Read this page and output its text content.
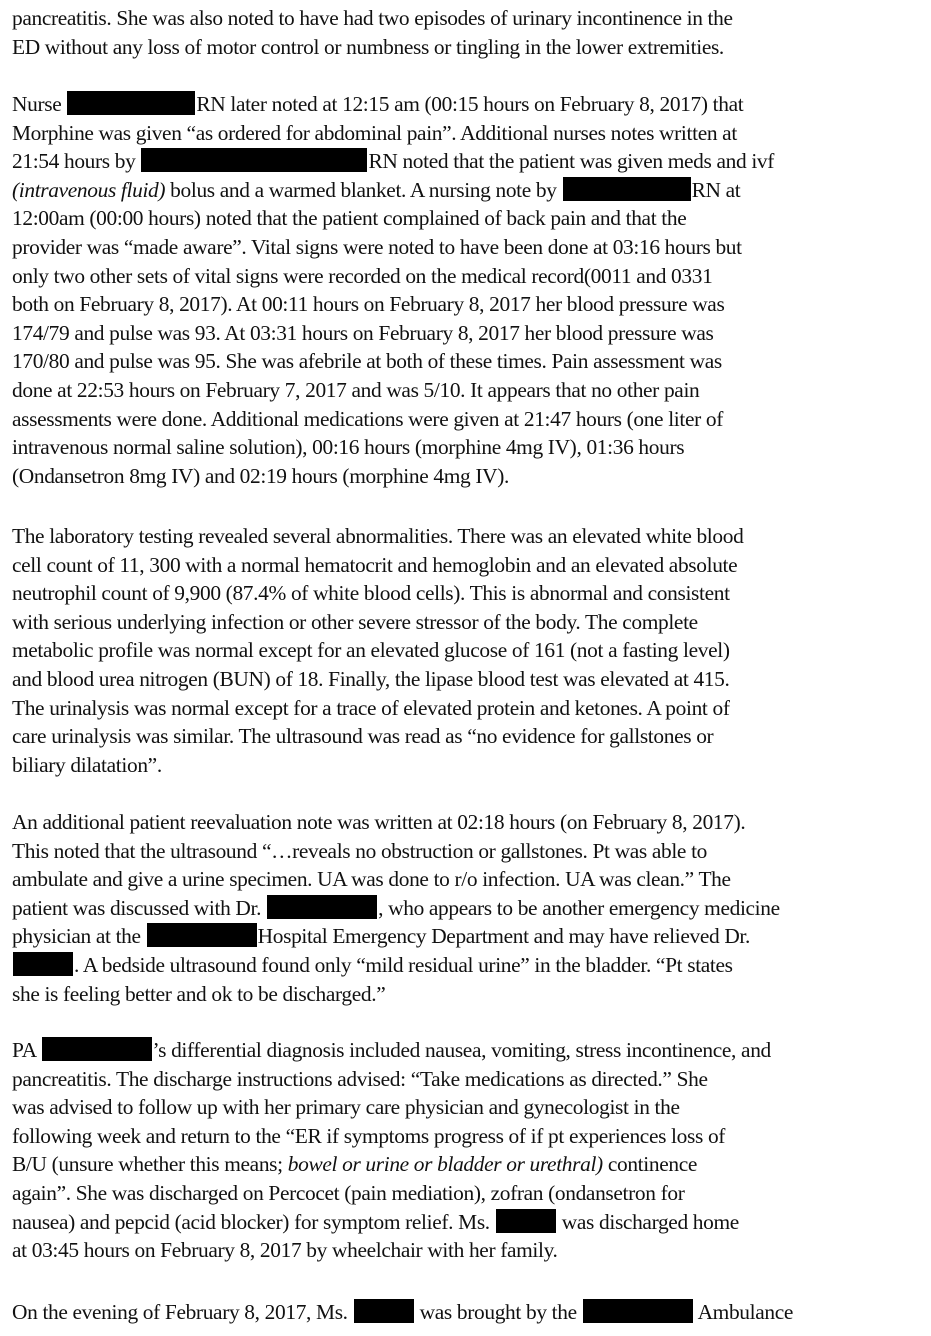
pancreatitis. She was also noted to have had two episodes of urinary incontinence in the
ED without any loss of motor control or numbness or tingling in the lower extremities.
Nurse	RN later noted at 12:15 am (00:15 hours on February 8, 2017) that
Morphine was given “as ordered for abdominal pain”. Additional nurses notes written at
21:54 hours by	RN noted that the patient was given meds and ivf
(intravenous fluid) bolus and a warmed blanket. A nursing note by	RN at
12:00am (00:00 hours) noted that the patient complained of back pain and that the
provider was “made aware”. Vital signs were noted to have been done at 03:16 hours but
only two other sets of vital signs were recorded on the medical record(0011 and 0331
both on February 8, 2017). At 00:11 hours on February 8, 2017 her blood pressure was
174/79 and pulse was 93. At 03:31 hours on February 8, 2017 her blood pressure was
170/80 and pulse was 95. She was afebrile at both of these times. Pain assessment was
done at 22:53 hours on February 7, 2017 and was 5/10. It appears that no other pain
assessments were done. Additional medications were given at 21:47 hours (one liter of
intravenous normal saline solution), 00:16 hours (morphine 4mg IV), 01:36 hours
(Ondansetron 8mg IV) and 02:19 hours (morphine 4mg IV).
The laboratory testing revealed several abnormalities. There was an elevated white blood
cell count of 11, 300 with a normal hematocrit and hemoglobin and an elevated absolute
neutrophil count of 9,900 (87.4% of white blood cells). This is abnormal and consistent
with serious underlying infection or other severe stressor of the body. The complete
metabolic profile was normal except for an elevated glucose of 161 (not a fasting level)
and blood urea nitrogen (BUN) of 18. Finally, the lipase blood test was elevated at 415.
The urinalysis was normal except for a trace of elevated protein and ketones. A point of
care urinalysis was similar. The ultrasound was read as “no evidence for gallstones or
biliary dilatation”.
An additional patient reevaluation note was written at 02:18 hours (on February 8, 2017).
This noted that the ultrasound “…reveals no obstruction or gallstones. Pt was able to
ambulate and give a urine specimen. UA was done to r/o infection. UA was clean.” The
patient was discussed with Dr.	, who appears to be another emergency medicine
physician at the	Hospital Emergency Department and may have relieved Dr.
. A bedside ultrasound found only “mild residual urine” in the bladder. “Pt states
she is feeling better and ok to be discharged.”
PA	’s differential diagnosis included nausea, vomiting, stress incontinence, and
pancreatitis. The discharge instructions advised: “Take medications as directed.” She
was advised to follow up with her primary care physician and gynecologist in the
following week and return to the “ER if symptoms progress of if pt experiences loss of
B/U (unsure whether this means; bowel or urine or bladder or urethral) continence
again”. She was discharged on Percocet (pain mediation), zofran (ondansetron for
nausea) and pepcid (acid blocker) for symptom relief. Ms.	was discharged home
at 03:45 hours on February 8, 2017 by wheelchair with her family.
On the evening of February 8, 2017, Ms.	was brought by the	Ambulance
